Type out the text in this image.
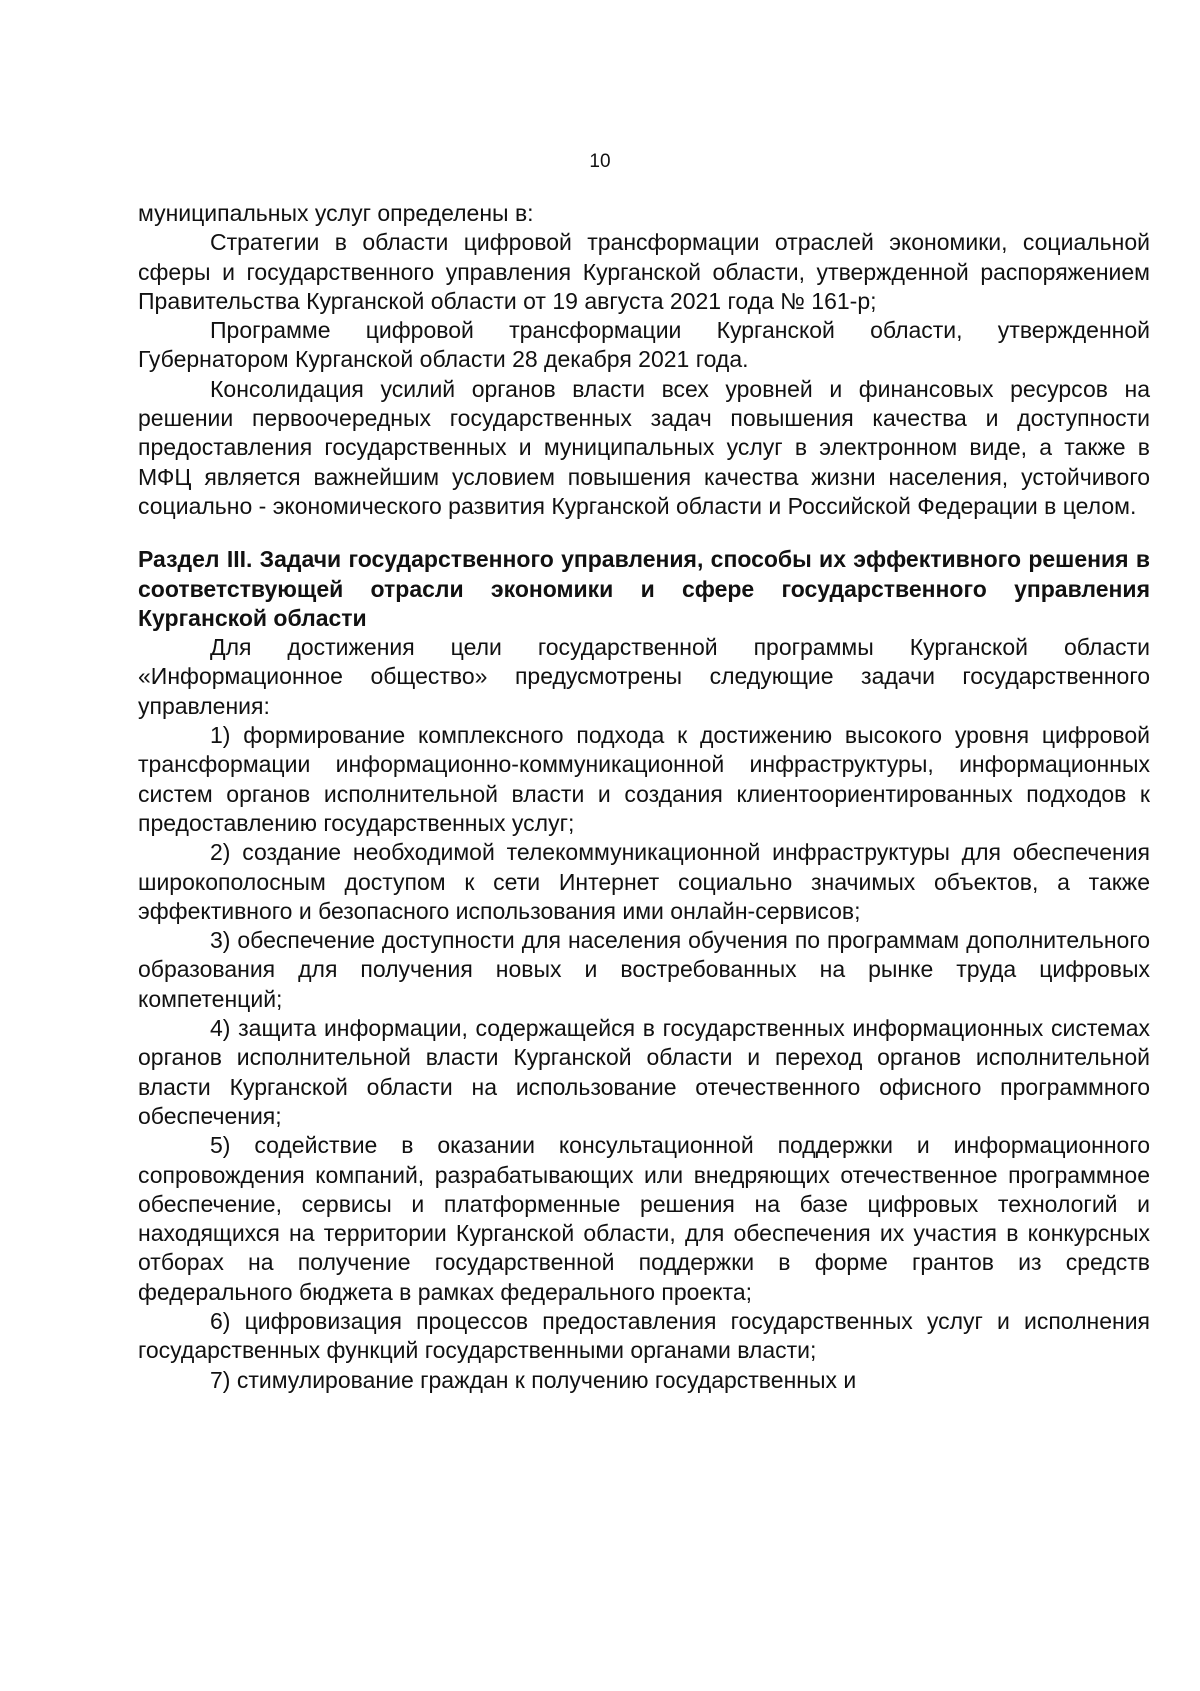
10

муниципальных услуг определены в:

Стратегии в области цифровой трансформации отраслей экономики, социальной сферы и государственного управления Курганской области, утвержденной распоряжением Правительства Курганской области от 19 августа 2021 года № 161-р;

Программе цифровой трансформации Курганской области, утвержденной Губернатором Курганской области 28 декабря 2021 года.

Консолидация усилий органов власти всех уровней и финансовых ресурсов на решении первоочередных государственных задач повышения качества и доступности предоставления государственных и муниципальных услуг в электронном виде, а также в МФЦ является важнейшим условием повышения качества жизни населения, устойчивого социально - экономического развития Курганской области и Российской Федерации в целом.

Раздел III. Задачи государственного управления, способы их эффективного решения в соответствующей отрасли экономики и сфере государственного управления Курганской области

Для достижения цели государственной программы Курганской области «Информационное общество» предусмотрены следующие задачи государственного управления:

1) формирование комплексного подхода к достижению высокого уровня цифровой трансформации информационно-коммуникационной инфраструктуры, информационных систем органов исполнительной власти и создания клиентоориентированных подходов к предоставлению государственных услуг;

2) создание необходимой телекоммуникационной инфраструктуры для обеспечения широкополосным доступом к сети Интернет социально значимых объектов, а также эффективного и безопасного использования ими онлайн-сервисов;

3) обеспечение доступности для населения обучения по программам дополнительного образования для получения новых и востребованных на рынке труда цифровых компетенций;

4) защита информации, содержащейся в государственных информационных системах органов исполнительной власти Курганской области и переход органов исполнительной власти Курганской области на использование отечественного офисного программного обеспечения;

5) содействие в оказании консультационной поддержки и информационного сопровождения компаний, разрабатывающих или внедряющих отечественное программное обеспечение, сервисы и платформенные решения на базе цифровых технологий и находящихся на территории Курганской области, для обеспечения их участия в конкурсных отборах на получение государственной поддержки в форме грантов из средств федерального бюджета в рамках федерального проекта;

6) цифровизация процессов предоставления государственных услуг и исполнения государственных функций государственными органами власти;

7) стимулирование граждан к получению государственных и
